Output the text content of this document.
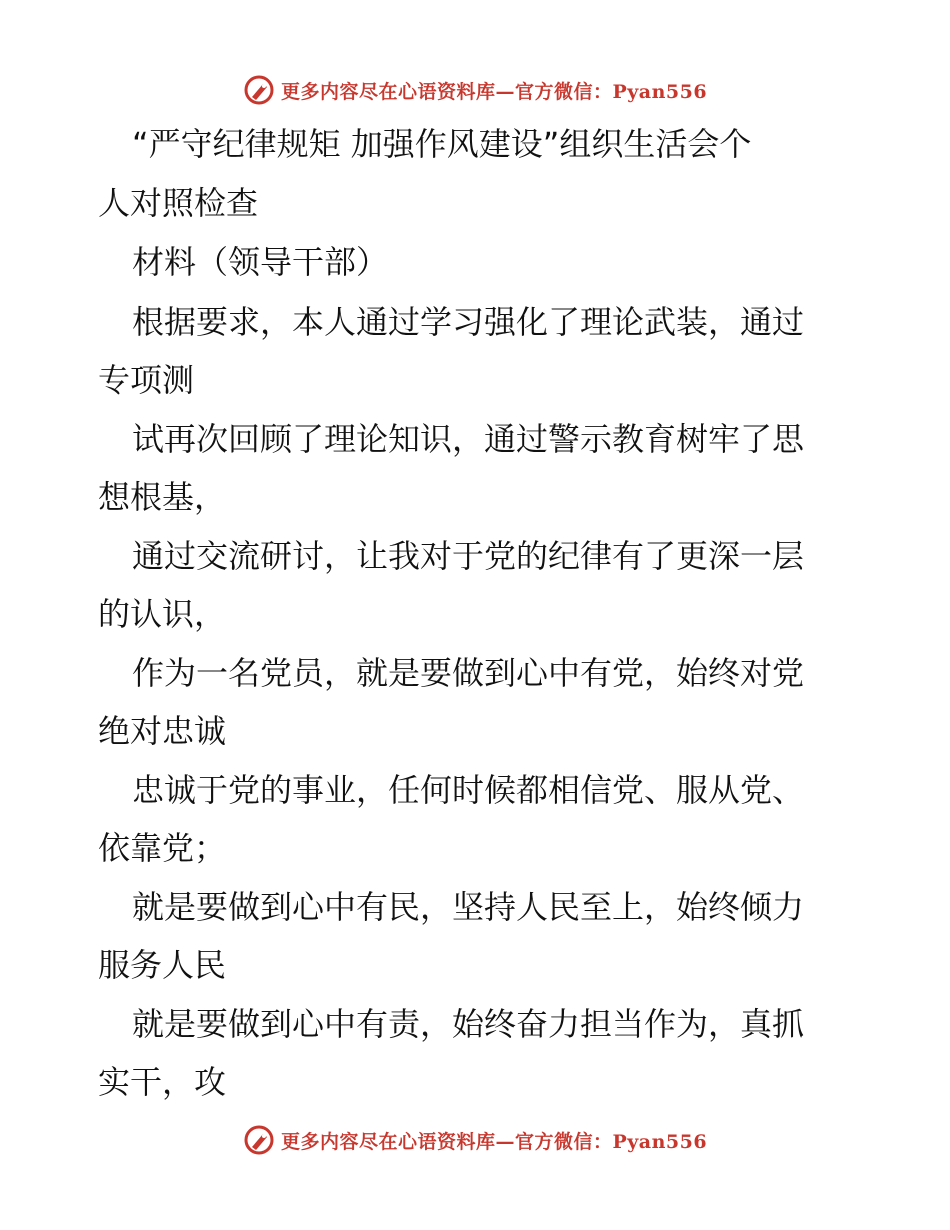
更多内容尽在心语资料库—官方微信：Pyan556
“严守纪律规矩 加强作风建设”组织生活会个
人对照检查
材料（领导干部）
根据要求，本人通过学习强化了理论武装，通过
专项测
试再次回顾了理论知识，通过警示教育树牢了思
想根基，
通过交流研讨，让我对于党的纪律有了更深一层
的认识，
作为一名党员，就是要做到心中有党，始终对党
绝对忠诚
忠诚于党的事业，任何时候都相信党、服从党、
依靠党；
就是要做到心中有民，坚持人民至上，始终倾力
服务人民
就是要做到心中有责，始终奋力担当作为，真抓
实干，攻
更多内容尽在心语资料库—官方微信：Pyan556
